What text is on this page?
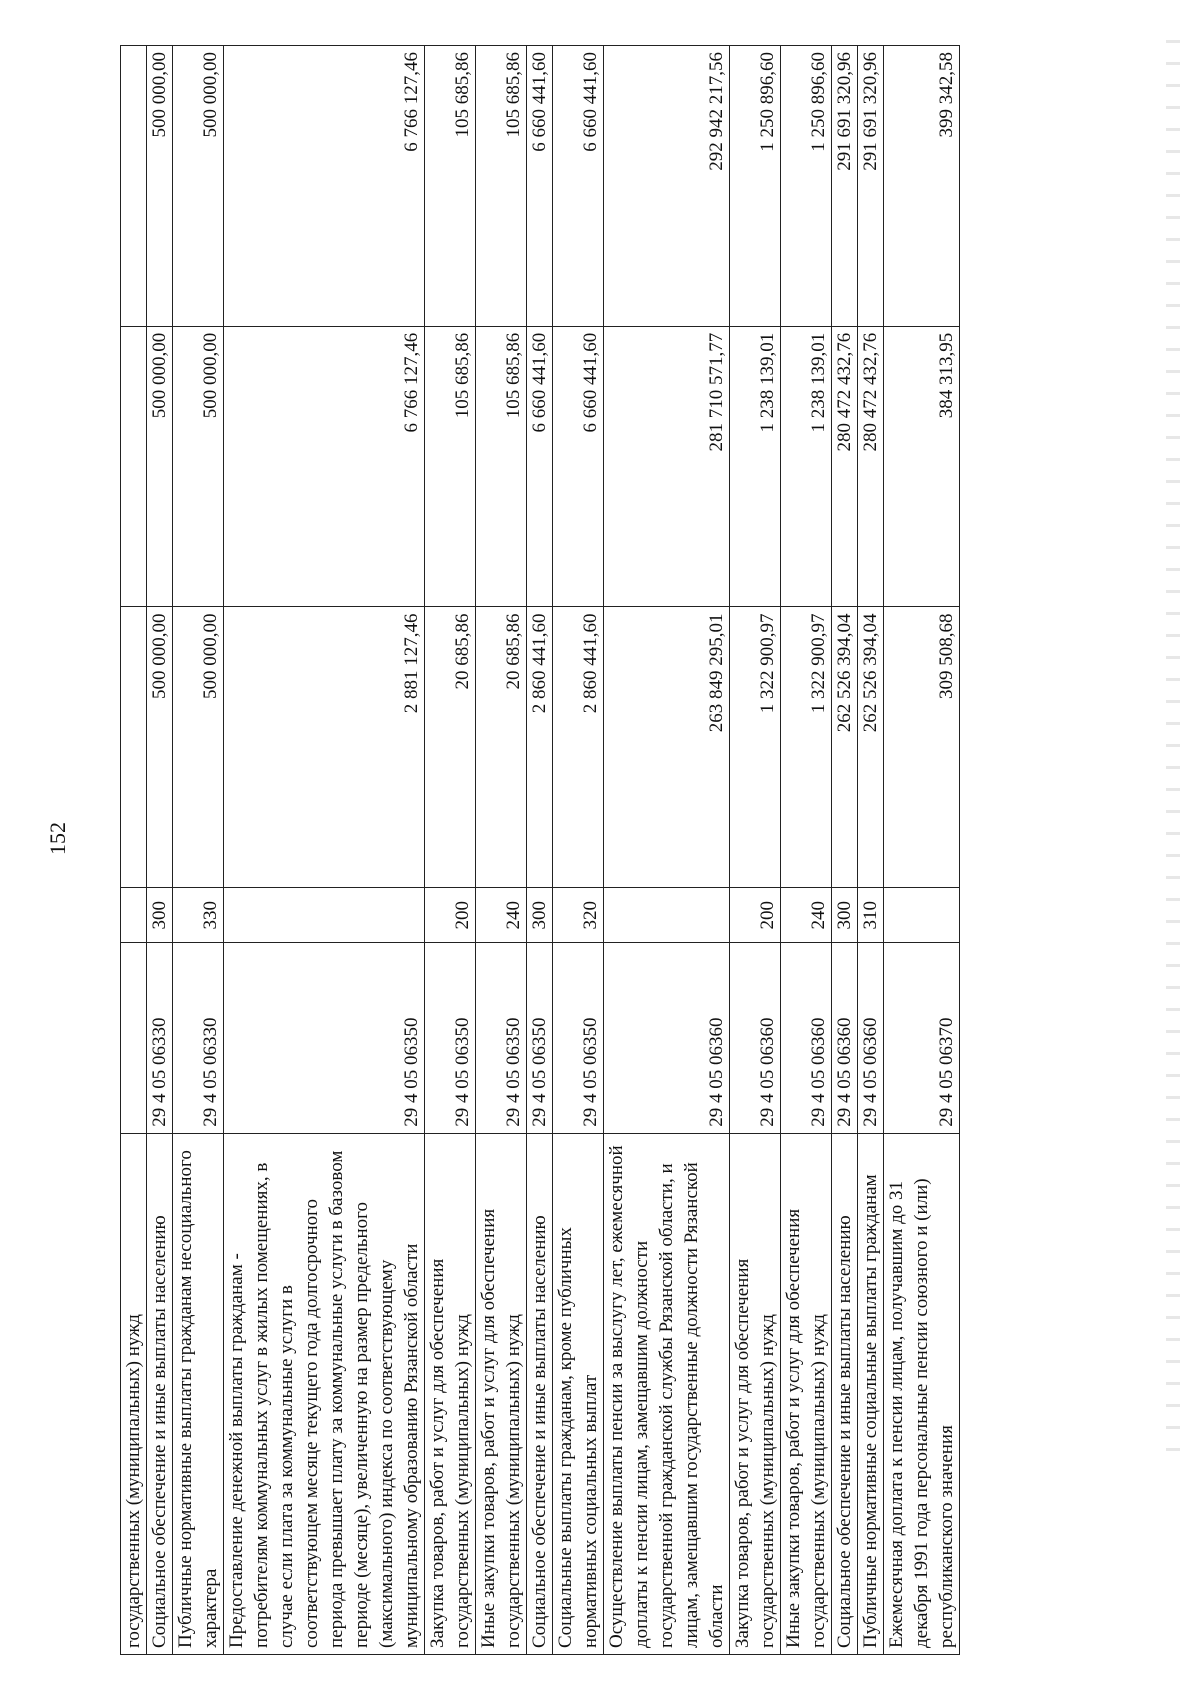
152
государственных (муниципальных) нужд					
Социальное обеспечение и иные выплаты населению	29 4 05 06330	300	500 000,00	500 000,00	500 000,00
Публичные нормативные выплаты гражданам несоциального характера	29 4 05 06330	330	500 000,00	500 000,00	500 000,00
Предоставление денежной выплаты гражданам - потребителям коммунальных услуг в жилых помещениях, в случае если плата за коммунальные услуги в соответствующем месяце текущего года долгосрочного периода превышает плату за коммунальные услуги в базовом периоде (месяце), увеличенную на размер предельного (максимального) индекса по соответствующему муниципальному образованию Рязанской области	29 4 05 06350		2 881 127,46	6 766 127,46	6 766 127,46
Закупка товаров, работ и услуг для обеспечения государственных (муниципальных) нужд	29 4 05 06350	200	20 685,86	105 685,86	105 685,86
Иные закупки товаров, работ и услуг для обеспечения государственных (муниципальных) нужд	29 4 05 06350	240	20 685,86	105 685,86	105 685,86
Социальное обеспечение и иные выплаты населению	29 4 05 06350	300	2 860 441,60	6 660 441,60	6 660 441,60
Социальные выплаты гражданам, кроме публичных нормативных социальных выплат	29 4 05 06350	320	2 860 441,60	6 660 441,60	6 660 441,60
Осуществление выплаты пенсии за выслугу лет, ежемесячной доплаты к пенсии лицам, замещавшим должности государственной гражданской службы Рязанской области, и лицам, замещавшим государственные должности Рязанской области	29 4 05 06360		263 849 295,01	281 710 571,77	292 942 217,56
Закупка товаров, работ и услуг для обеспечения государственных (муниципальных) нужд	29 4 05 06360	200	1 322 900,97	1 238 139,01	1 250 896,60
Иные закупки товаров, работ и услуг для обеспечения государственных (муниципальных) нужд	29 4 05 06360	240	1 322 900,97	1 238 139,01	1 250 896,60
Социальное обеспечение и иные выплаты населению	29 4 05 06360	300	262 526 394,04	280 472 432,76	291 691 320,96
Публичные нормативные социальные выплаты гражданам	29 4 05 06360	310	262 526 394,04	280 472 432,76	291 691 320,96
Ежемесячная доплата к пенсии лицам, получавшим до 31 декабря 1991 года персональные пенсии союзного и (или) республиканского значения	29 4 05 06370		309 508,68	384 313,95	399 342,58
